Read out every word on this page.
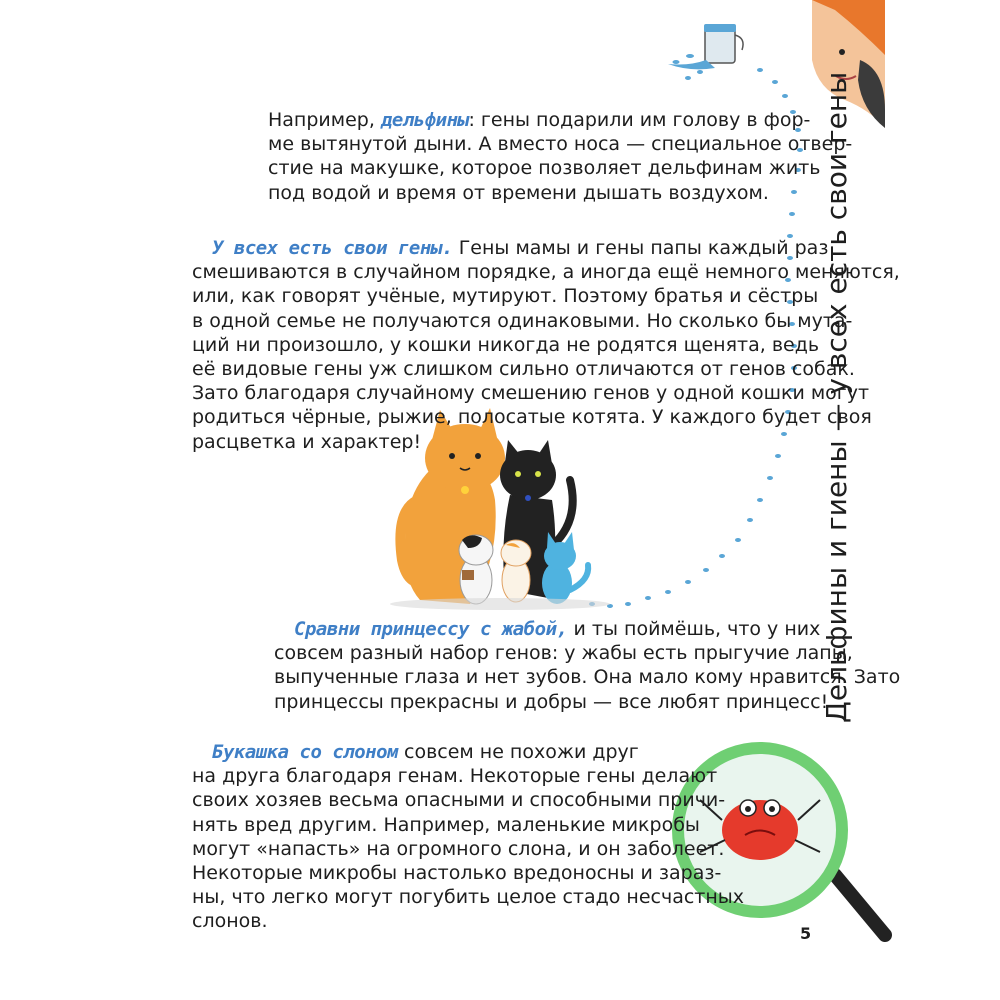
Например, дельфины: гены подарили им голову в фор-
ме вытянутой дыни. А вместо носа — специальное отвер-
стие на макушке, которое позволяет дельфинам жить
под водой и время от времени дышать воздухом.

У всех есть свои гены. Гены мамы и гены папы каждый раз
смешиваются в случайном порядке, а иногда ещё немного меняются,
или, как говорят учёные, мутируют. Поэтому братья и сёстры
в одной семье не получаются одинаковыми. Но сколько бы мута-
ций ни произошло, у кошки никогда не родятся щенята, ведь
её видовые гены уж слишком сильно отличаются от генов собак.
Зато благодаря случайному смешению генов у одной кошки могут
родиться чёрные, рыжие, полосатые котята. У каждого будет своя
расцветка и характер!

Сравни принцессу с жабой, и ты поймёшь, что у них
совсем разный набор генов: у жабы есть прыгучие лапы,
выпученные глаза и нет зубов. Она мало кому нравится. Зато
принцессы прекрасны и добры — все любят принцесс!

Букашка со слоном совсем не похожи друг
на друга благодаря генам. Некоторые гены делают
своих хозяев весьма опасными и способными причи-
нять вред другим. Например, маленькие микробы
могут «напасть» на огромного слона, и он заболеет.
Некоторые микробы настолько вредоносны и зараз-
ны, что легко могут погубить целое стадо несчастных
слонов.

Дельфины и гиены — у всех есть свои гены
5
